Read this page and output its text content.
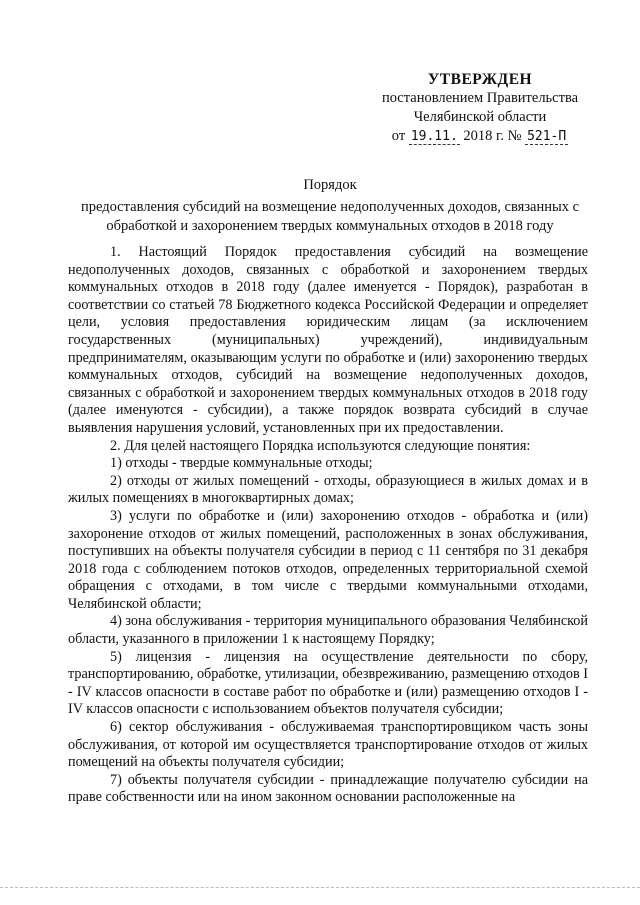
УТВЕРЖДЕН
постановлением Правительства
Челябинской области
от 19.11. 2018 г. № 521-П
Порядок
предоставления субсидий на возмещение недополученных доходов, связанных с обработкой и захоронением твердых коммунальных отходов в 2018 году

1. Настоящий Порядок предоставления субсидий на возмещение недополученных доходов, связанных с обработкой и захоронением твердых коммунальных отходов в 2018 году (далее именуется - Порядок), разработан в соответствии со статьей 78 Бюджетного кодекса Российской Федерации и определяет цели, условия предоставления юридическим лицам (за исключением государственных (муниципальных) учреждений), индивидуальным предпринимателям, оказывающим услуги по обработке и (или) захоронению твердых коммунальных отходов, субсидий на возмещение недополученных доходов, связанных с обработкой и захоронением твердых коммунальных отходов в 2018 году (далее именуются - субсидии), а также порядок возврата субсидий в случае выявления нарушения условий, установленных при их предоставлении.

2. Для целей настоящего Порядка используются следующие понятия:

1) отходы - твердые коммунальные отходы;

2) отходы от жилых помещений - отходы, образующиеся в жилых домах и в жилых помещениях в многоквартирных домах;

3) услуги по обработке и (или) захоронению отходов - обработка и (или) захоронение отходов от жилых помещений, расположенных в зонах обслуживания, поступивших на объекты получателя субсидии в период с 11 сентября по 31 декабря 2018 года с соблюдением потоков отходов, определенных территориальной схемой обращения с отходами, в том числе с твердыми коммунальными отходами, Челябинской области;

4) зона обслуживания - территория муниципального образования Челябинской области, указанного в приложении 1 к настоящему Порядку;

5) лицензия - лицензия на осуществление деятельности по сбору, транспортированию, обработке, утилизации, обезвреживанию, размещению отходов I - IV классов опасности в составе работ по обработке и (или) размещению отходов I - IV классов опасности с использованием объектов получателя субсидии;

6) сектор обслуживания - обслуживаемая транспортировщиком часть зоны обслуживания, от которой им осуществляется транспортирование отходов от жилых помещений на объекты получателя субсидии;

7) объекты получателя субсидии - принадлежащие получателю субсидии на праве собственности или на ином законном основании расположенные на
